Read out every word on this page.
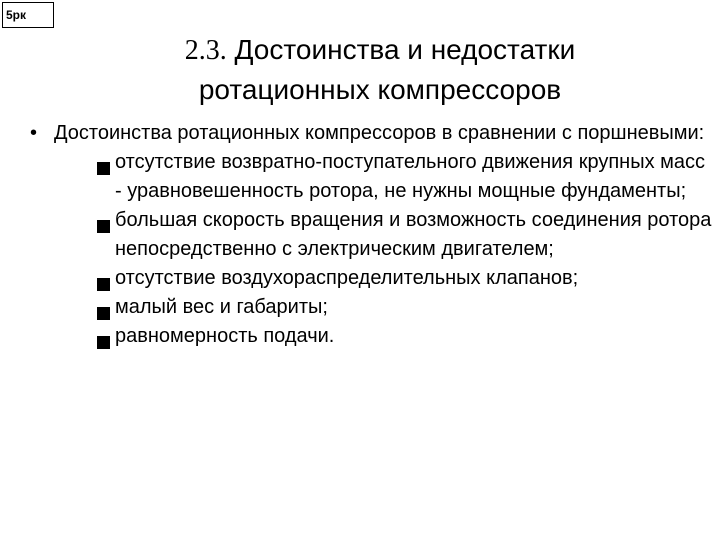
5рк
2.3. Достоинства и недостатки
ротационных компрессоров
• Достоинства ротационных компрессоров в сравнении с поршневыми:
отсутствие возвратно-поступательного движения крупных масс - уравновешенность ротора, не нужны мощные фундаменты;
большая скорость вращения и возможность соединения ротора непосредственно с электрическим двигателем;
отсутствие воздухораспределительных клапанов;
малый вес и габариты;
равномерность подачи.
